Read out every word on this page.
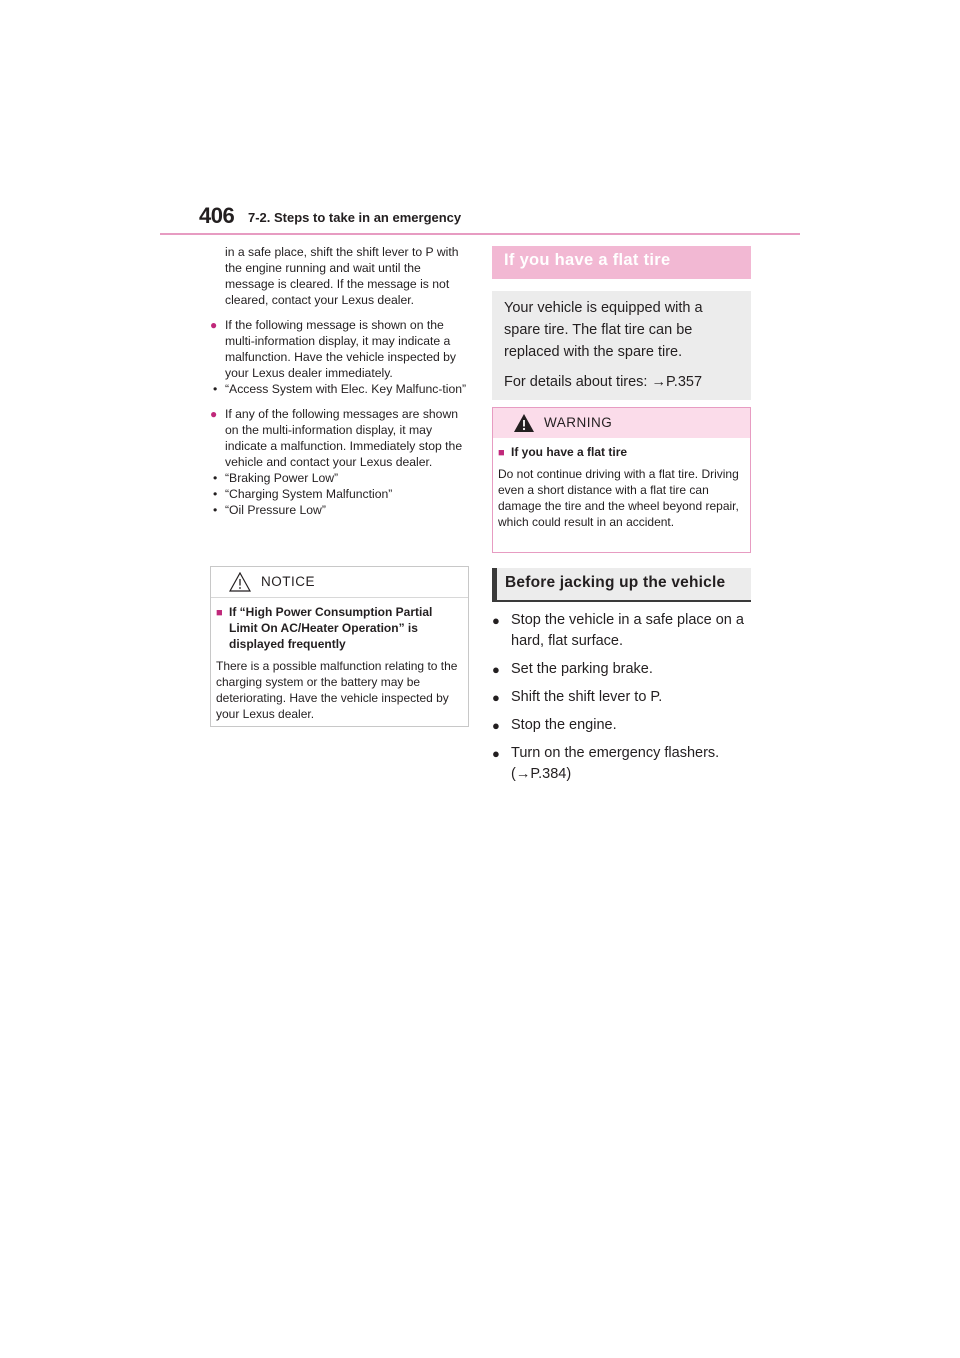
406 7-2. Steps to take in an emergency

in a safe place, shift the shift lever to P with the engine running and wait until the message is cleared. If the message is not cleared, contact your Lexus dealer.

● If the following message is shown on the multi-information display, it may indicate a malfunction. Have the vehicle inspected by your Lexus dealer immediately.
• “Access System with Elec. Key Malfunc-tion”
● If any of the following messages are shown on the multi-information display, it may indicate a malfunction. Immediately stop the vehicle and contact your Lexus dealer.
• “Braking Power Low”
• “Charging System Malfunction”
• “Oil Pressure Low”
NOTICE
■ If “High Power Consumption Partial Limit On AC/Heater Operation” is displayed frequently
There is a possible malfunction relating to the charging system or the battery may be deteriorating. Have the vehicle inspected by your Lexus dealer.
If you have a flat tire

Your vehicle is equipped with a spare tire. The flat tire can be replaced with the spare tire.

For details about tires: →P.357

WARNING
■ If you have a flat tire
Do not continue driving with a flat tire. Driving even a short distance with a flat tire can damage the tire and the wheel beyond repair, which could result in an accident.
Before jacking up the vehicle
● Stop the vehicle in a safe place on a hard, flat surface.
● Set the parking brake.
● Shift the shift lever to P.
● Stop the engine.
● Turn on the emergency flashers. (→P.384)
